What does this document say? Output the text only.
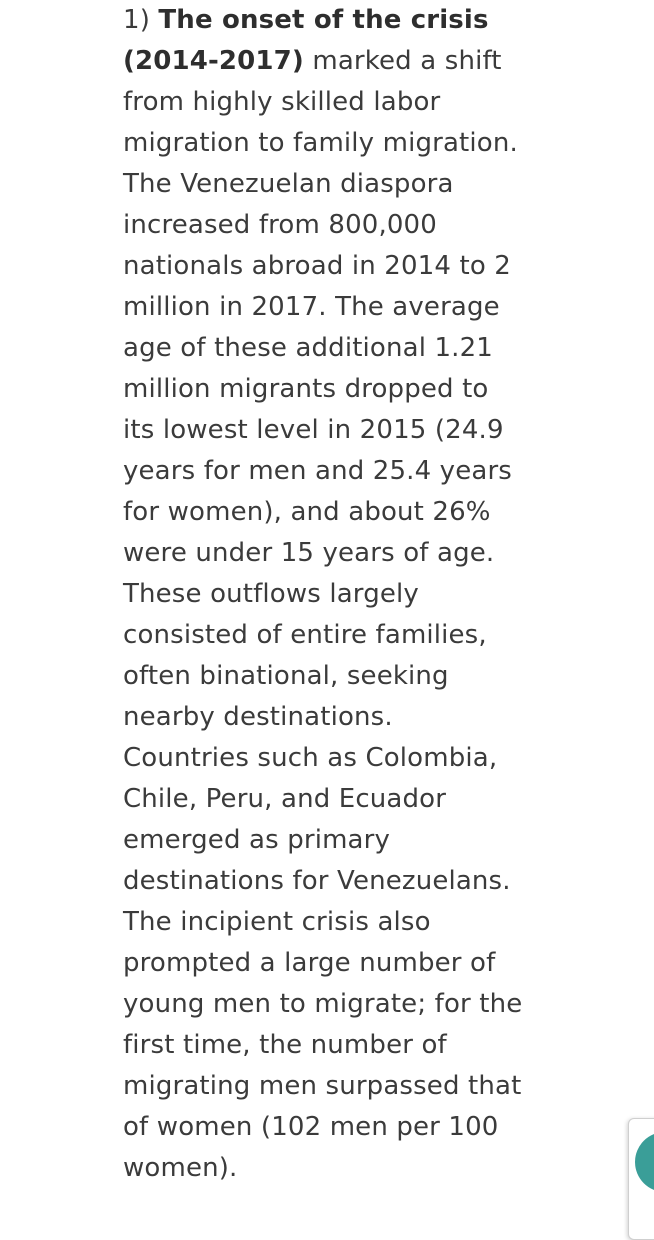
1) The onset of the crisis
(2014-2017) marked a shift
from highly skilled labor
migration to family migration.
The Venezuelan diaspora
increased from 800,000
nationals abroad in 2014 to 2
million in 2017. The average
age of these additional 1.21
million migrants dropped to
its lowest level in 2015 (24.9
years for men and 25.4 years
for women), and about 26%
were under 15 years of age.
These outflows largely
consisted of entire families,
often binational, seeking
nearby destinations.
Countries such as Colombia,
Chile, Peru, and Ecuador
emerged as primary
destinations for Venezuelans.
The incipient crisis also
prompted a large number of
young men to migrate; for the
first time, the number of
migrating men surpassed that
of women (102 men per 100
women).
